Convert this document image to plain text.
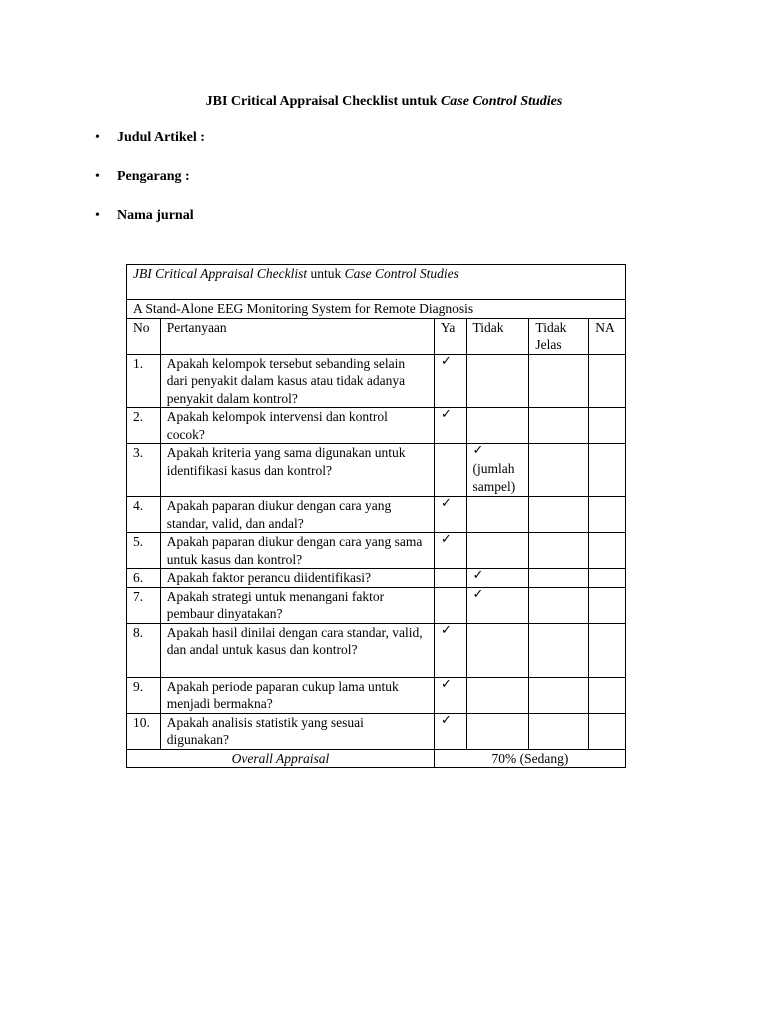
JBI Critical Appraisal Checklist untuk Case Control Studies
• Judul Artikel :
• Pengarang :
• Nama jurnal
JBI Critical Appraisal Checklist untuk Case Control Studies					
A Stand-Alone EEG Monitoring System for Remote Diagnosis					
No	Pertanyaan	Ya	Tidak	Tidak Jelas	NA
1.	Apakah kelompok tersebut sebanding selain dari penyakit dalam kasus atau tidak adanya penyakit dalam kontrol?	✓			

2.	Apakah kelompok intervensi dan kontrol cocok?	✓			

3.	Apakah kriteria yang sama digunakan untuk identifikasi kasus dan kontrol?		✓
(jumlah sampel)		

4.	Apakah paparan diukur dengan cara yang standar, valid, dan andal?	✓			

5.	Apakah paparan diukur dengan cara yang sama untuk kasus dan kontrol?	✓			

6.	Apakah faktor perancu diidentifikasi?		✓		

7.	Apakah strategi untuk menangani faktor pembaur dinyatakan?		✓		

8.	Apakah hasil dinilai dengan cara standar, valid, dan andal untuk kasus dan kontrol?	✓			

9.	Apakah periode paparan cukup lama untuk menjadi bermakna?	✓			

10.	Apakah analisis statistik yang sesuai digunakan?	✓			

Overall Appraisal		70% (Sedang)			
